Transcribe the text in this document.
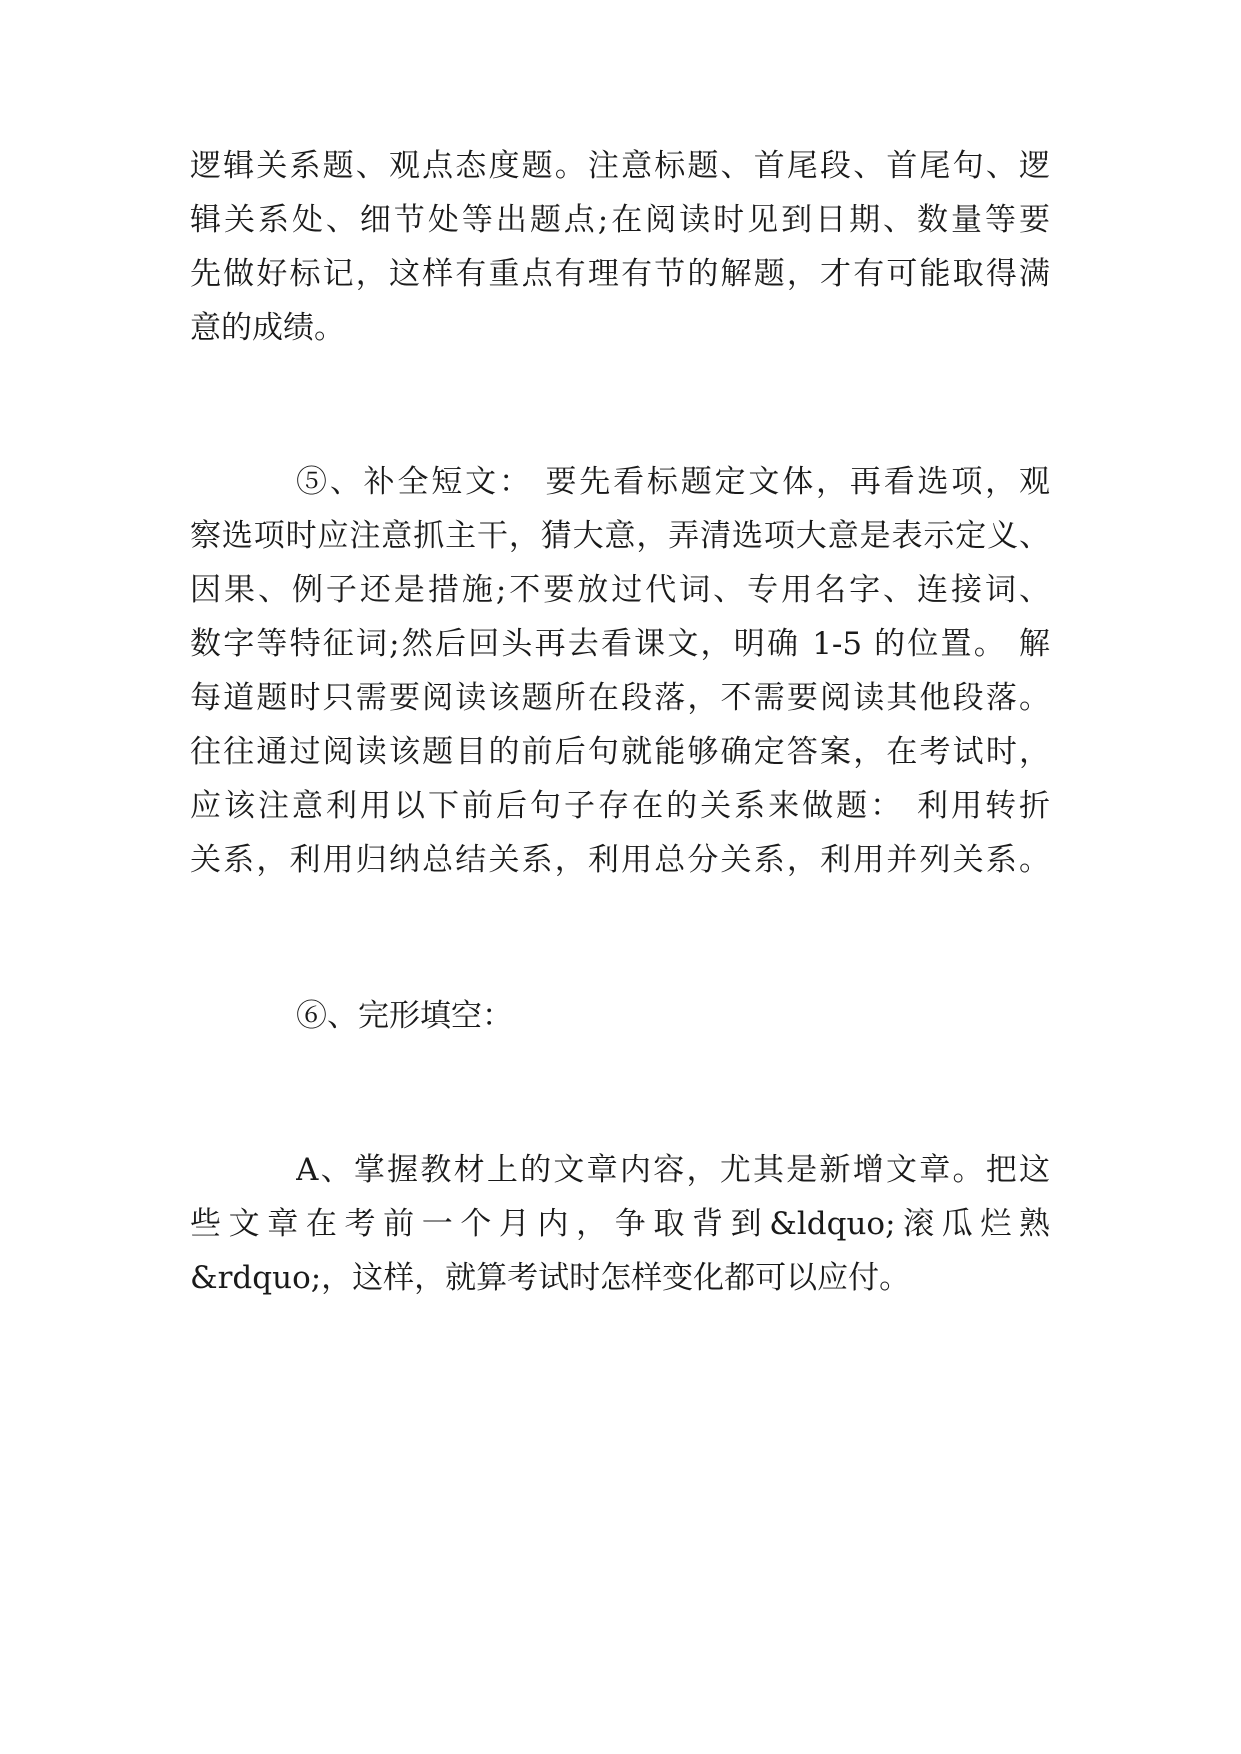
逻辑关系题、观点态度题。注意标题、首尾段、首尾句、逻
辑关系处、细节处等出题点;在阅读时见到日期、数量等要
先做好标记，这样有重点有理有节的解题，才有可能取得满
意的成绩。
⑤、补全短文： 要先看标题定文体，再看选项，观
察选项时应注意抓主干，猜大意，弄清选项大意是表示定义、
因果、例子还是措施;不要放过代词、专用名字、连接词、
数字等特征词;然后回头再去看课文，明确 1-5 的位置。 解
每道题时只需要阅读该题所在段落，不需要阅读其他段落。
往往通过阅读该题目的前后句就能够确定答案，在考试时，
应该注意利用以下前后句子存在的关系来做题： 利用转折
关系，利用归纳总结关系，利用总分关系，利用并列关系。
⑥、完形填空：
A、掌握教材上的文章内容，尤其是新增文章。把这
些文章在考前一个月内，争取背到&ldquo;滚瓜烂熟
&rdquo;，这样，就算考试时怎样变化都可以应付。
